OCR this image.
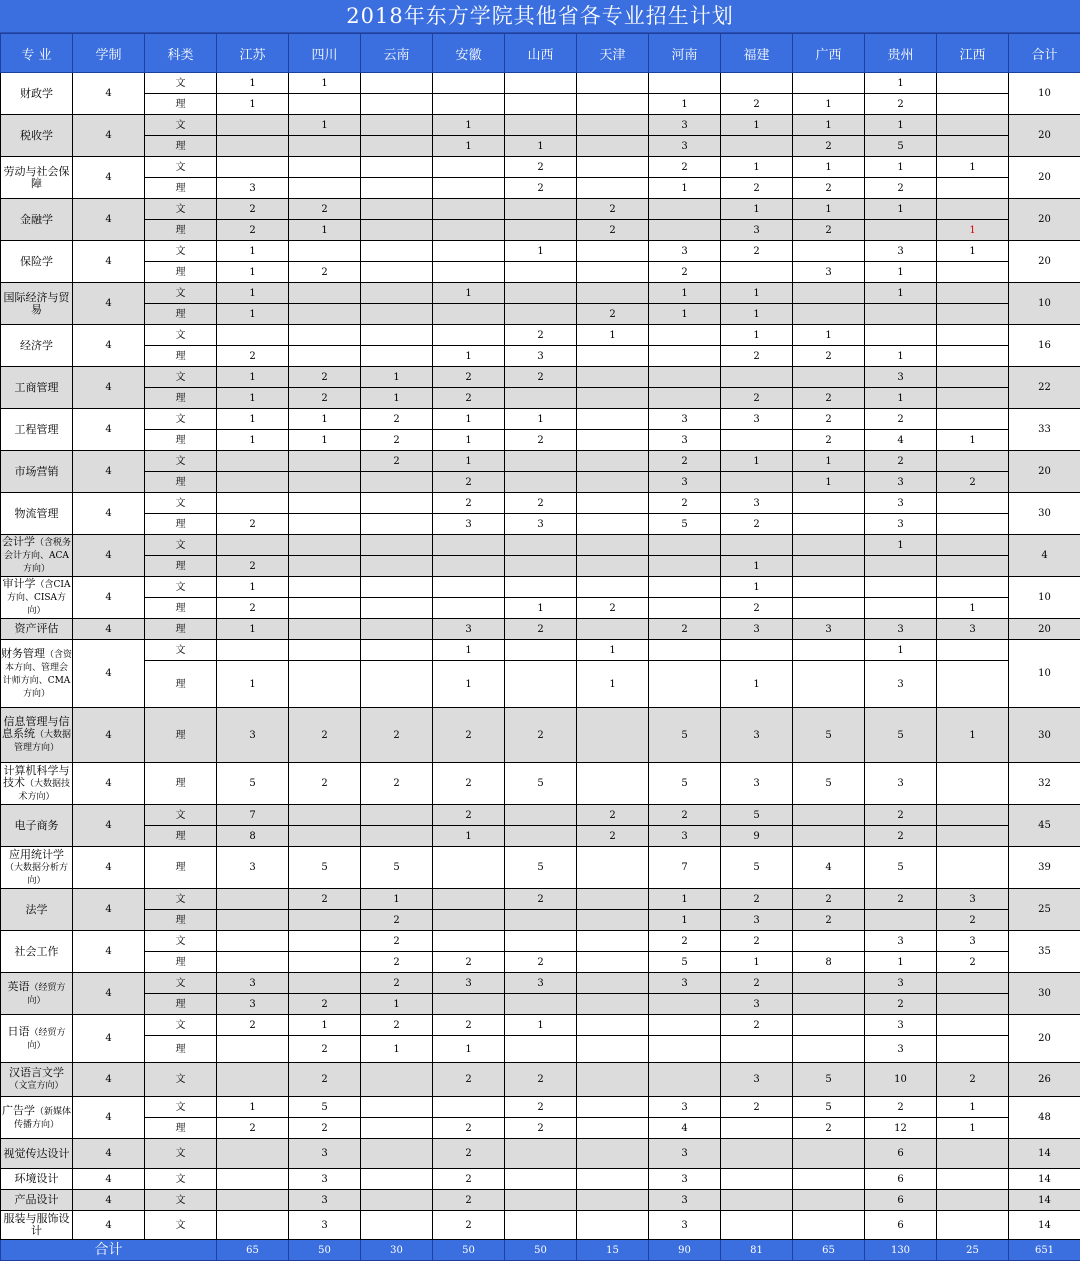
2018年东方学院其他省各专业招生计划
专 业	学制	科类	江苏	四川	云南	安徽	山西	天津	河南	福建	广西	贵州	江西	合计
财政学	4	文	1	1								1		10
		理	1						1	2	1	2		
税收学	4	文		1		1			3	1	1	1		20
		理				1	1		3		2	5		
劳动与社会保障	4	文					2		2	1	1	1	1	20
		理	3				2		1	2	2	2		
金融学	4	文	2	2				2		1	1	1		20
		理	2	1				2		3	2		1	
保险学	4	文	1				1		3	2		3	1	20
		理	1	2					2		3	1		
国际经济与贸易	4	文	1			1			1	1		1		10
		理	1					2	1	1				
经济学	4	文					2	1		1	1			16
		理	2			1	3			2	2	1		
工商管理	4	文	1	2	1	2	2					3		22
		理	1	2	1	2				2	2	1		
工程管理	4	文	1	1	2	1	1		3	3	2	2		33
		理	1	1	2	1	2		3		2	4	1	
市场营销	4	文			2	1			2	1	1	2		20
		理				2			3		1	3	2	
物流管理	4	文				2	2		2	3		3		30
		理	2			3	3		5	2		3		
会计学（含税务会计方向、ACA方向）	4	文										1		4
		理	2							1				
审计学（含CIA方向、CISA方向）	4	文	1							1				10
		理	2				1	2		2			1	
资产评估	4	理	1			3	2		2	3	3	3	3	20
财务管理（含资本方向、管理会计师方向、CMA方向）	4	文				1		1				1		10
		理	1			1		1		1		3		
信息管理与信息系统（大数据管理方向）	4	理	3	2	2	2	2		5	3	5	5	1	30
计算机科学与技术（大数据技术方向）	4	理	5	2	2	2	5		5	3	5	3		32
电子商务	4	文	7			2		2	2	5		2		45
		理	8			1		2	3	9		2		
应用统计学（大数据分析方向）	4	理	3	5	5		5		7	5	4	5		39
法学	4	文		2	1		2		1	2	2	2	3	25
		理			2				1	3	2		2	
社会工作	4	文			2				2	2		3	3	35
		理			2	2	2		5	1	8	1	2	
英语（经贸方向）	4	文	3		2	3	3		3	2		3		30
		理	3	2	1					3		2		
日语（经贸方向）	4	文	2	1	2	2	1			2		3		20
		理		2	1	1						3		
汉语言文学（文宣方向）	4	文		2		2	2			3	5	10	2	26
广告学（新媒体传播方向）	4	文	1	5			2		3	2	5	2	1	48
		理	2	2		2	2		4		2	12	1	
视觉传达设计	4	文		3		2			3			6		14
环境设计	4	文		3		2			3			6		14
产品设计	4	文		3		2			3			6		14
服装与服饰设计	4	文		3		2			3			6		14
合计			65	50	30	50	50	15	90	81	65	130	25	651
